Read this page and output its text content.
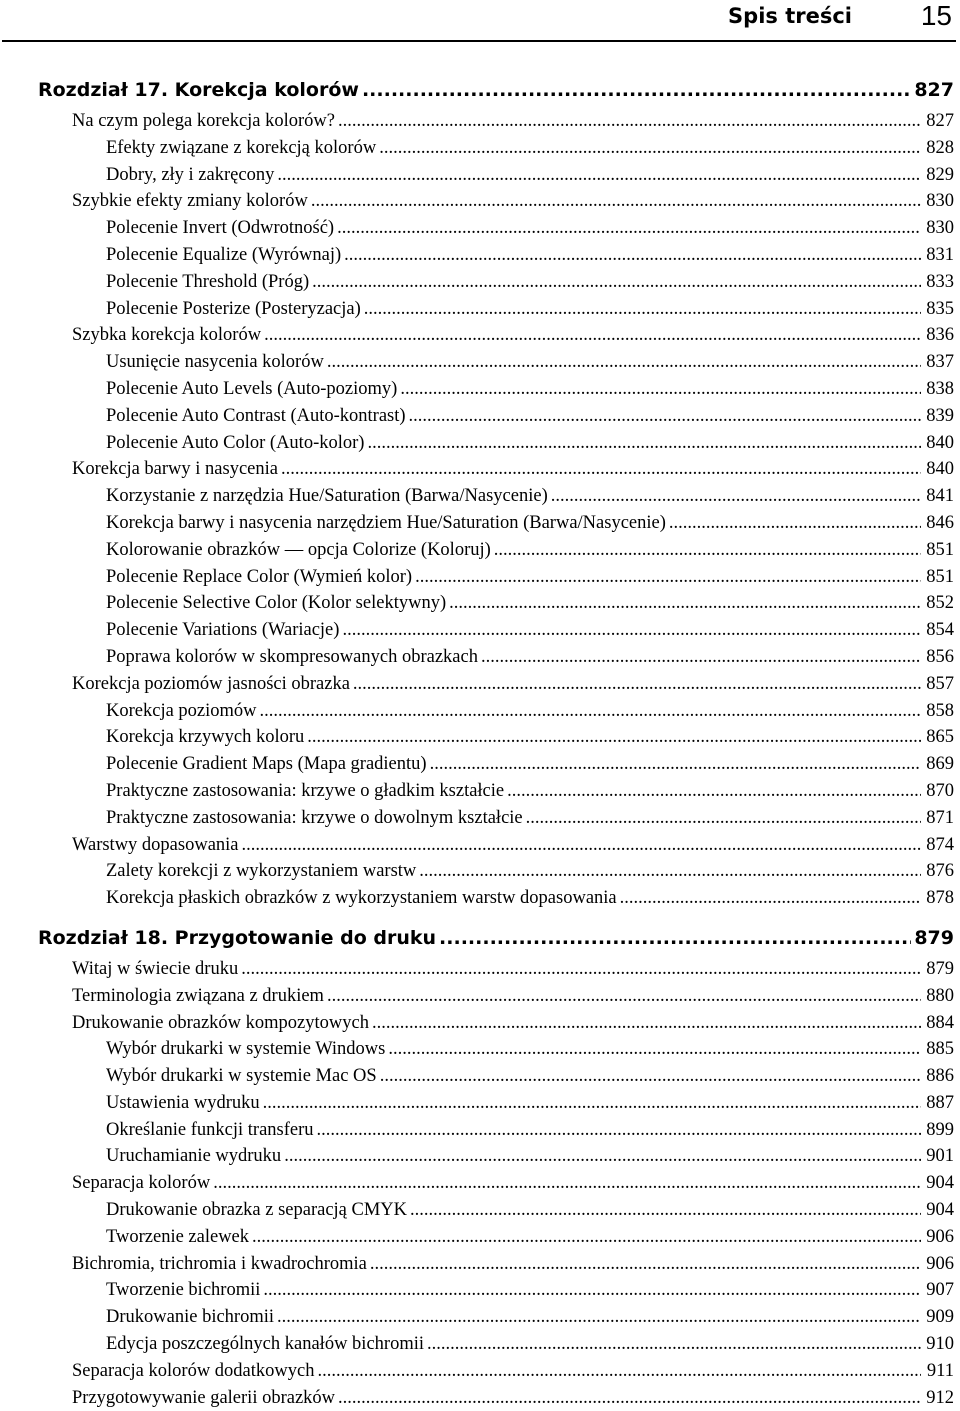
Spis treści 15
Rozdział 17. Korekcja kolorów .....	827
Na czym polega korekcja kolorów? .....	827
Efekty związane z korekcją kolorów .....	828
Dobry, zły i zakręcony .....	829
Szybkie efekty zmiany kolorów .....	830
Polecenie Invert (Odwrotność) .....	830
Polecenie Equalize (Wyrównaj) .....	831
Polecenie Threshold (Próg) .....	833
Polecenie Posterize (Posteryzacja) .....	835
Szybka korekcja kolorów .....	836
Usunięcie nasycenia kolorów .....	837
Polecenie Auto Levels (Auto-poziomy) .....	838
Polecenie Auto Contrast (Auto-kontrast) .....	839
Polecenie Auto Color (Auto-kolor) .....	840
Korekcja barwy i nasycenia .....	840
Korzystanie z narzędzia Hue/Saturation (Barwa/Nasycenie) .....	841
Korekcja barwy i nasycenia narzędziem Hue/Saturation (Barwa/Nasycenie) .....	846
Kolorowanie obrazków — opcja Colorize (Koloruj) .....	851
Polecenie Replace Color (Wymień kolor) .....	851
Polecenie Selective Color (Kolor selektywny) .....	852
Polecenie Variations (Wariacje) .....	854
Poprawa kolorów w skompresowanych obrazkach .....	856
Korekcja poziomów jasności obrazka .....	857
Korekcja poziomów .....	858
Korekcja krzywych koloru .....	865
Polecenie Gradient Maps (Mapa gradientu) .....	869
Praktyczne zastosowania: krzywe o gładkim kształcie .....	870
Praktyczne zastosowania: krzywe o dowolnym kształcie .....	871
Warstwy dopasowania .....	874
Zalety korekcji z wykorzystaniem warstw .....	876
Korekcja płaskich obrazków z wykorzystaniem warstw dopasowania .....	878
Rozdział 18. Przygotowanie do druku .....	879
Witaj w świecie druku .....	879
Terminologia związana z drukiem .....	880
Drukowanie obrazków kompozytowych .....	884
Wybór drukarki w systemie Windows .....	885
Wybór drukarki w systemie Mac OS .....	886
Ustawienia wydruku .....	887
Określanie funkcji transferu .....	899
Uruchamianie wydruku .....	901
Separacja kolorów .....	904
Drukowanie obrazka z separacją CMYK .....	904
Tworzenie zalewek .....	906
Bichromia, trichromia i kwadrochromia .....	906
Tworzenie bichromii .....	907
Drukowanie bichromii .....	909
Edycja poszczególnych kanałów bichromii .....	910
Separacja kolorów dodatkowych .....	911
Przygotowywanie galerii obrazków .....	912
